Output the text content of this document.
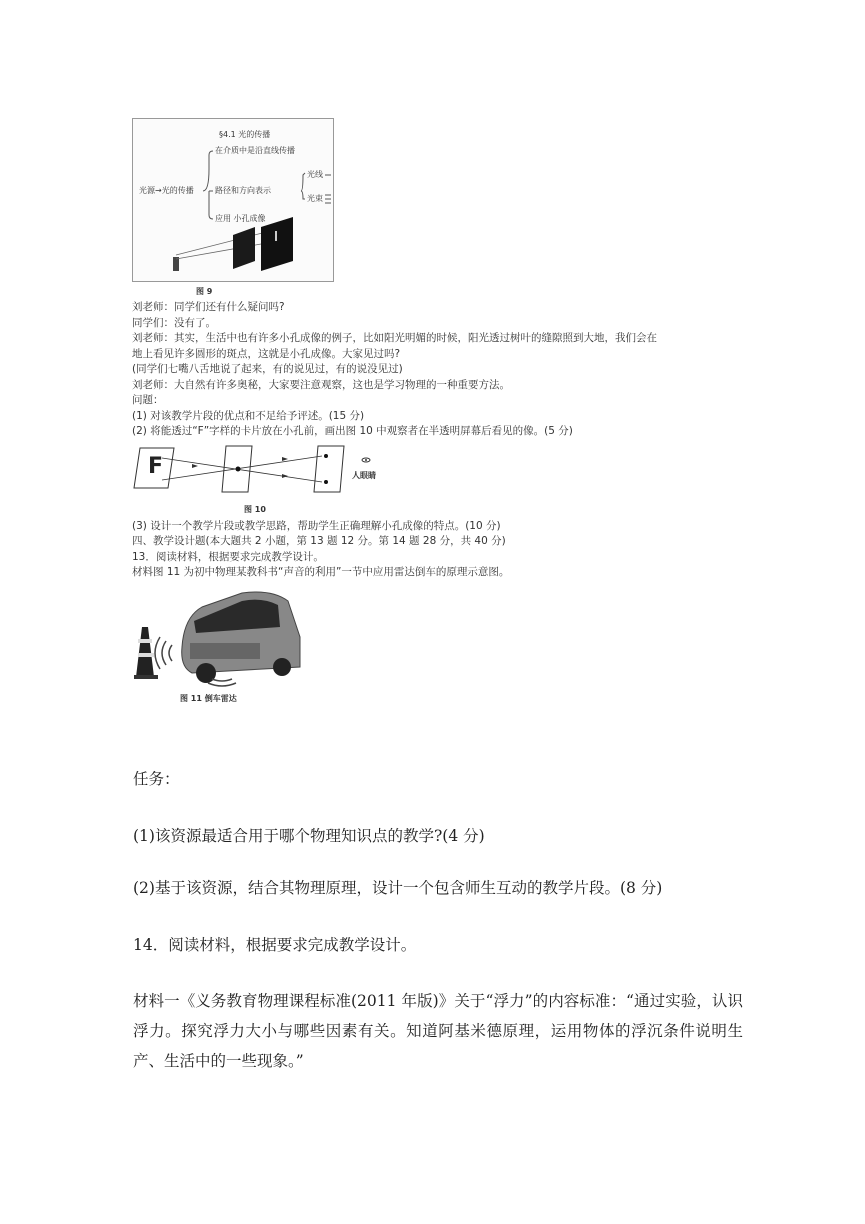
§4.1 光的传播
光源→光的传播
在介质中是沿直线传播
路径和方向表示
光线
光束
应用 小孔成像
图 9
刘老师：同学们还有什么疑问吗?
同学们：没有了。
刘老师：其实，生活中也有许多小孔成像的例子，比如阳光明媚的时候，阳光透过树叶的缝隙照到大地，我们会在
地上看见许多圆形的斑点，这就是小孔成像。大家见过吗?
(同学们七嘴八舌地说了起来，有的说见过，有的说没见过)
刘老师：大自然有许多奥秘，大家要注意观察，这也是学习物理的一种重要方法。
问题：
(1) 对该教学片段的优点和不足给予评述。(15 分)
(2) 将能透过“F”字样的卡片放在小孔前，画出图 10 中观察者在半透明屏幕后看见的像。(5 分)
F	人眼睛
图 10
(3) 设计一个教学片段或教学思路，帮助学生正确理解小孔成像的特点。(10 分)
四、教学设计题(本大题共 2 小题，第 13 题 12 分。第 14 题 28 分，共 40 分)
13．阅读材料，根据要求完成教学设计。
材料图 11 为初中物理某教科书“声音的利用”一节中应用雷达倒车的原理示意图。
图 11 倒车雷达
任务：
(1)该资源最适合用于哪个物理知识点的教学?(4 分)
(2)基于该资源，结合其物理原理，设计一个包含师生互动的教学片段。(8 分)
14．阅读材料，根据要求完成教学设计。
材料一《义务教育物理课程标准(2011 年版)》关于“浮力”的内容标准：“通过实验，认识浮力。探究浮力大小与哪些因素有关。知道阿基米德原理，运用物体的浮沉条件说明生产、生活中的一些现象。”
